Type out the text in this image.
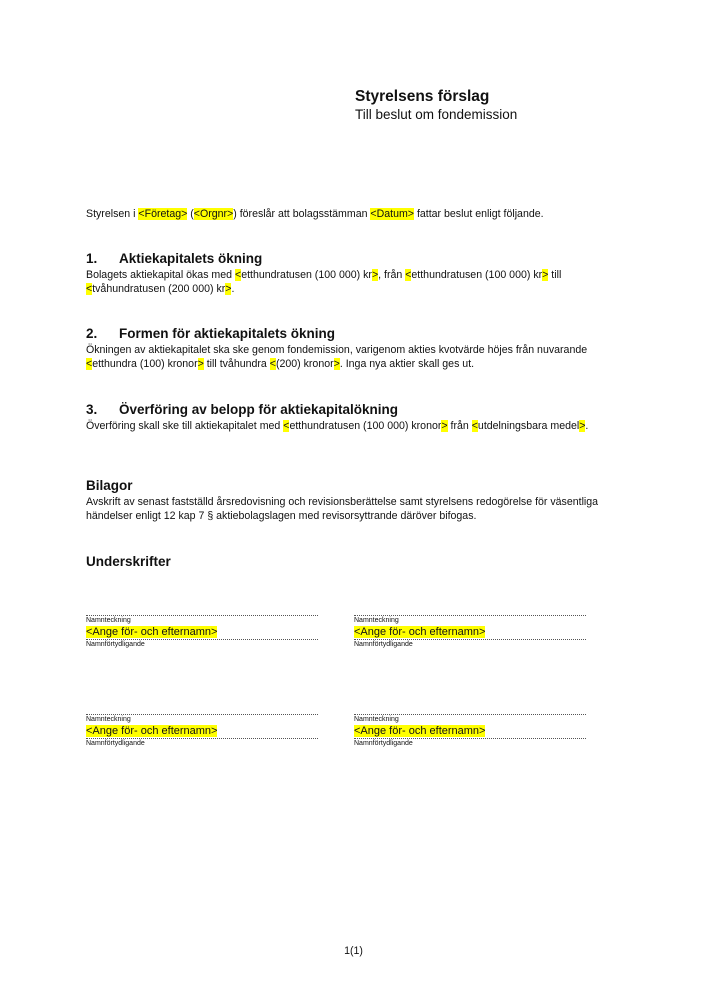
Styrelsens förslag

Till beslut om fondemission

Styrelsen i <Företag> (<Orgnr>) föreslår att bolagsstämman <Datum> fattar beslut enligt följande.
1.	Aktiekapitalets ökning

Bolagets aktiekapital ökas med <etthundratusen (100 000) kr>, från <etthundratusen (100 000) kr> till <tvåhundratusen (200 000) kr>.

2.	Formen för aktiekapitalets ökning

Ökningen av aktiekapitalet ska ske genom fondemission, varigenom akties kvotvärde höjes från nuvarande <etthundra (100) kronor> till tvåhundra <(200) kronor>. Inga nya aktier skall ges ut.

3.	Överföring av belopp för aktiekapitalökning

Överföring skall ske till aktiekapitalet med <etthundratusen (100 000) kronor> från <utdelningsbara medel>.

Bilagor

Avskrift av senast fastställd årsredovisning och revisionsberättelse samt styrelsens redogörelse för väsentliga händelser enligt 12 kap 7 § aktiebolagslagen med revisorsyttrande däröver bifogas.

Underskrifter
Namnteckning
<Ange för- och efternamn>
Namnförtydligande
Namnteckning
<Ange för- och efternamn>
Namnförtydligande
Namnteckning
<Ange för- och efternamn>
Namnförtydligande
Namnteckning
<Ange för- och efternamn>
Namnförtydligande
1(1)
